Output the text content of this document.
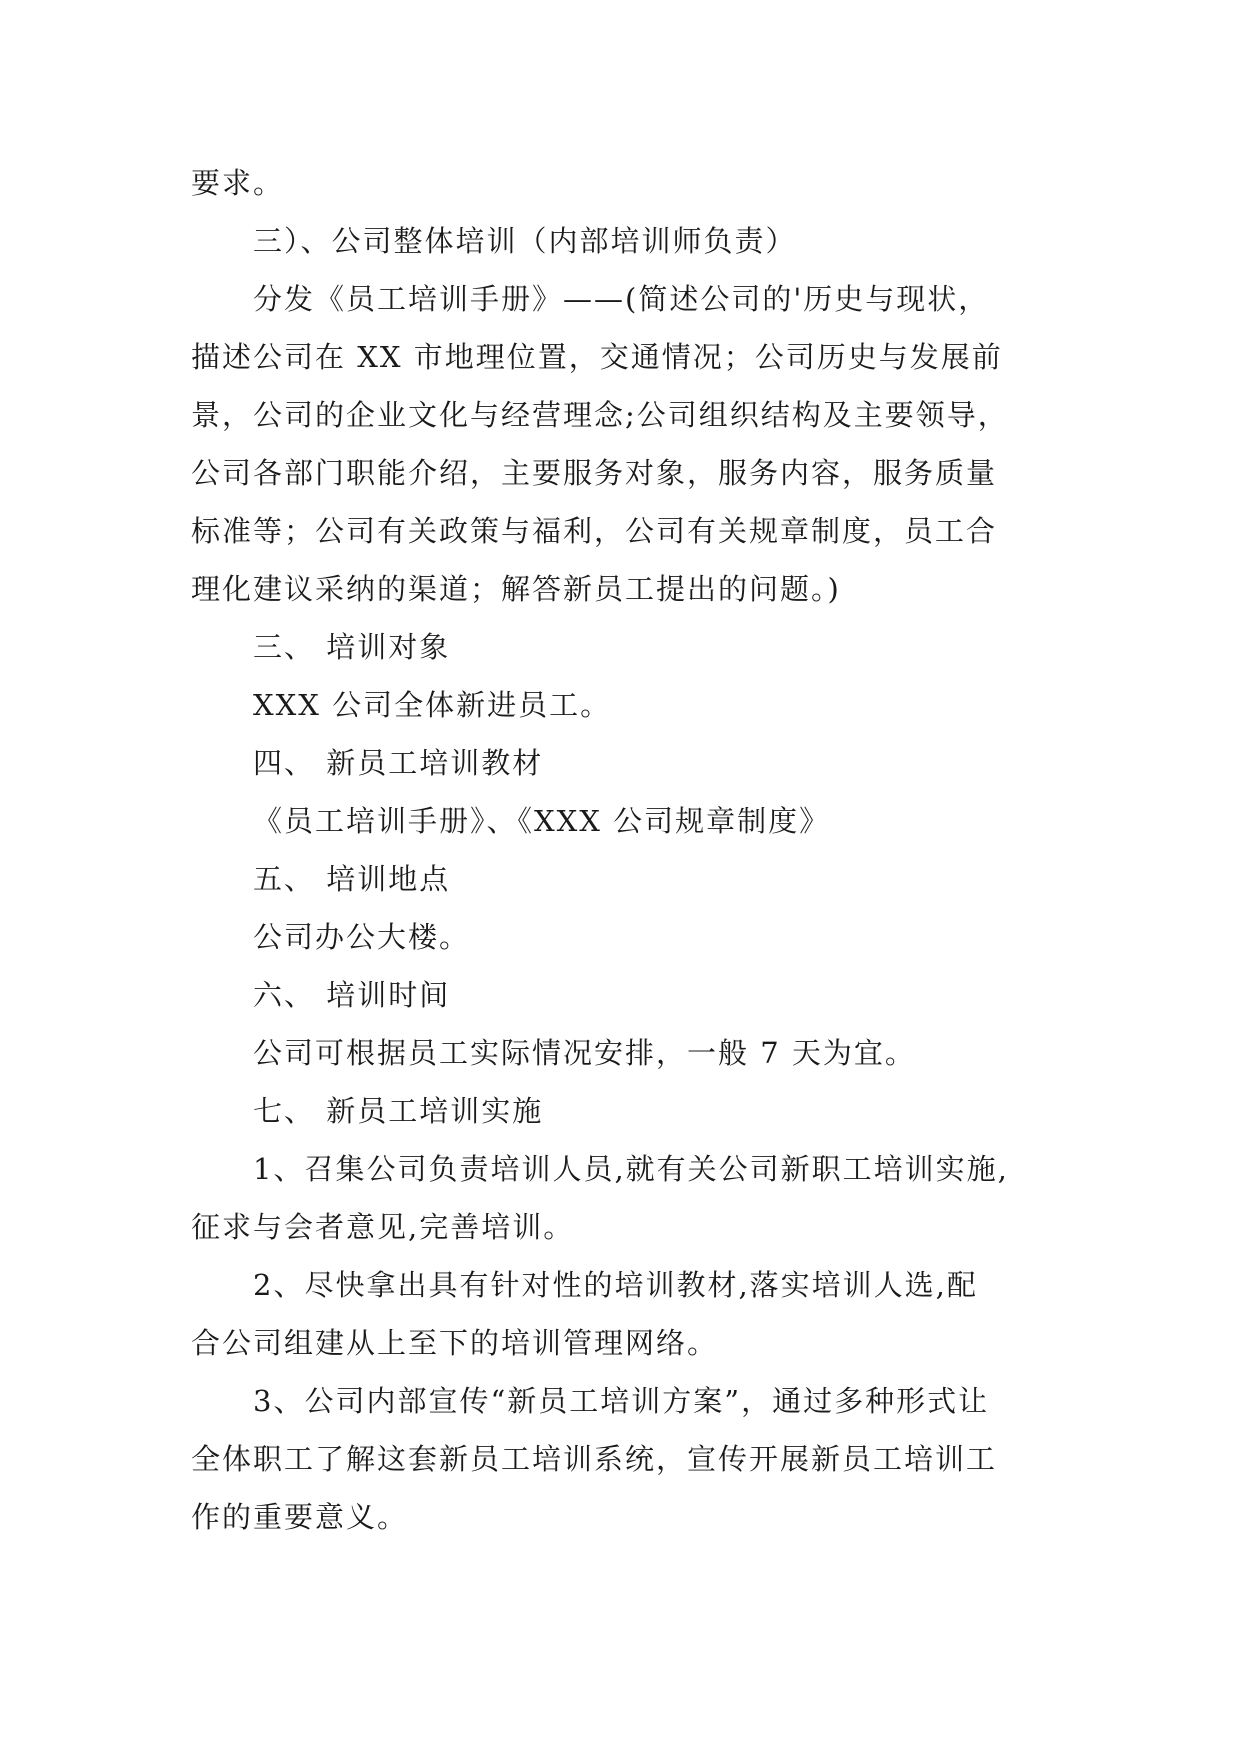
要求。
三）、公司整体培训（内部培训师负责）
分发《员工培训手册》——(简述公司的'历史与现状，
描述公司在 XX 市地理位置，交通情况；公司历史与发展前
景，公司的企业文化与经营理念;公司组织结构及主要领导，
公司各部门职能介绍，主要服务对象，服务内容，服务质量
标准等；公司有关政策与福利，公司有关规章制度，员工合
理化建议采纳的渠道；解答新员工提出的问题。)
三、 培训对象
XXX 公司全体新进员工。
四、 新员工培训教材
《员工培训手册》、《XXX 公司规章制度》
五、 培训地点
公司办公大楼。
六、 培训时间
公司可根据员工实际情况安排，一般 7 天为宜。
七、 新员工培训实施
1、召集公司负责培训人员,就有关公司新职工培训实施,
征求与会者意见,完善培训。
2、尽快拿出具有针对性的培训教材,落实培训人选,配
合公司组建从上至下的培训管理网络。
3、公司内部宣传“新员工培训方案”，通过多种形式让
全体职工了解这套新员工培训系统，宣传开展新员工培训工
作的重要意义。
